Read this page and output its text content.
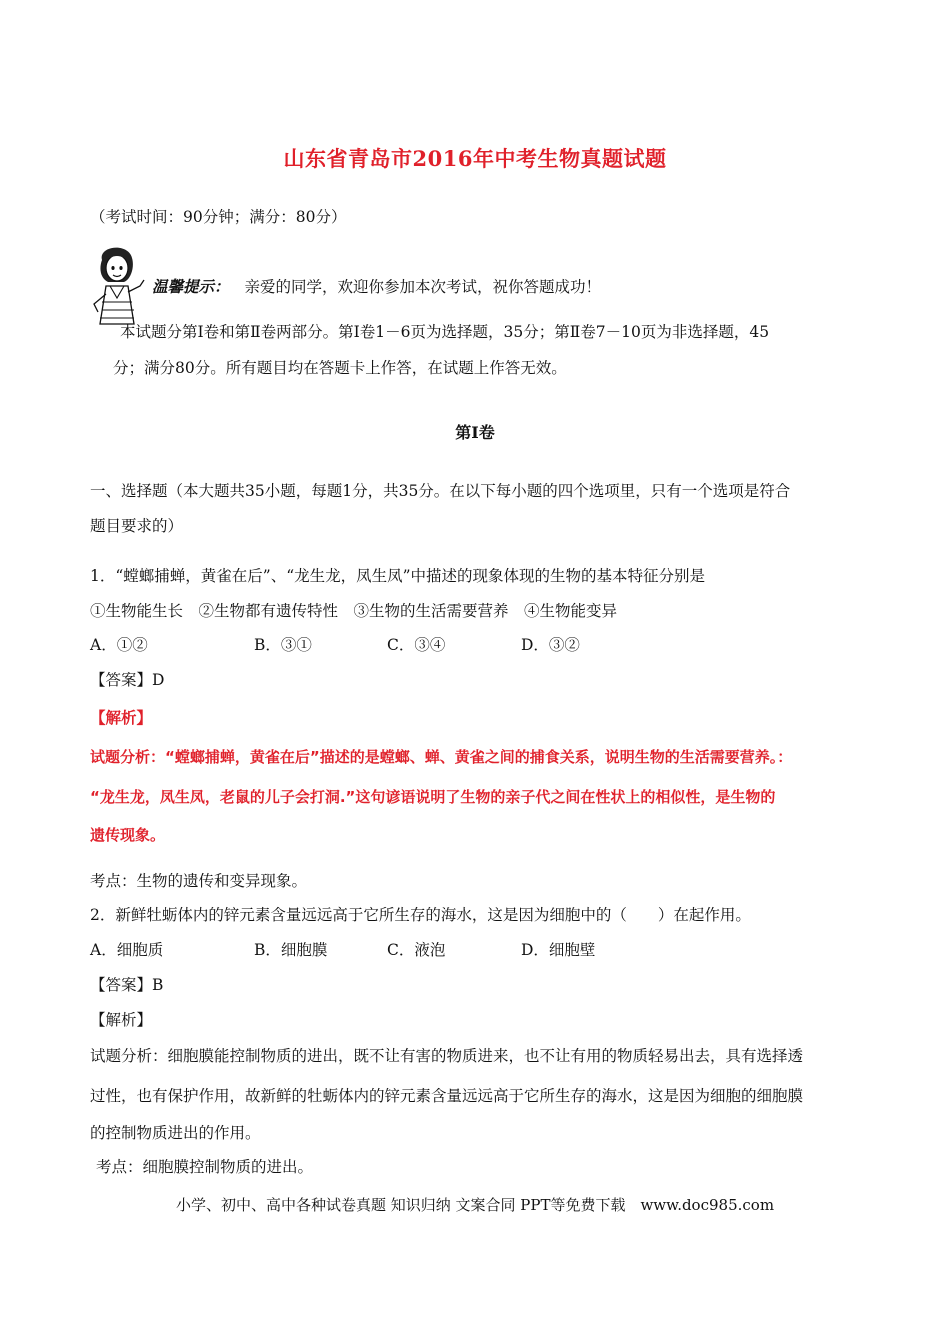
山东省青岛市2016年中考生物真题试题
（考试时间：90分钟；满分：80分）
温馨提示： 亲爱的同学，欢迎你参加本次考试，祝你答题成功！
本试题分第Ⅰ卷和第Ⅱ卷两部分。第Ⅰ卷1－6页为选择题，35分；第Ⅱ卷7－10页为非选择题，45
分；满分80分。所有题目均在答题卡上作答，在试题上作答无效。
第Ⅰ卷
一、选择题（本大题共35小题，每题1分，共35分。在以下每小题的四个选项里，只有一个选项是符合
题目要求的）
1．“螳螂捕蝉，黄雀在后”、“龙生龙，凤生凤”中描述的现象体现的生物的基本特征分别是
①生物能生长　②生物都有遗传特性　③生物的生活需要营养　④生物能变异
A．①②	B．③①	C．③④	D．③②
【答案】D
【解析】
试题分析：“螳螂捕蝉，黄雀在后”描述的是螳螂、蝉、黄雀之间的捕食关系，说明生物的生活需要营养。：
“龙生龙，凤生凤，老鼠的儿子会打洞.”这句谚语说明了生物的亲子代之间在性状上的相似性，是生物的
遗传现象。
考点：生物的遗传和变异现象。
2．新鲜牡蛎体内的锌元素含量远远高于它所生存的海水，这是因为细胞中的（　　）在起作用。
A．细胞质	B．细胞膜	C．液泡	D．细胞壁
【答案】B
【解析】
试题分析：细胞膜能控制物质的进出，既不让有害的物质进来，也不让有用的物质轻易出去，具有选择透
过性，也有保护作用，故新鲜的牡蛎体内的锌元素含量远远高于它所生存的海水，这是因为细胞的细胞膜
的控制物质进出的作用。
考点：细胞膜控制物质的进出。
小学、初中、高中各种试卷真题 知识归纳 文案合同 PPT等免费下载　www.doc985.com
